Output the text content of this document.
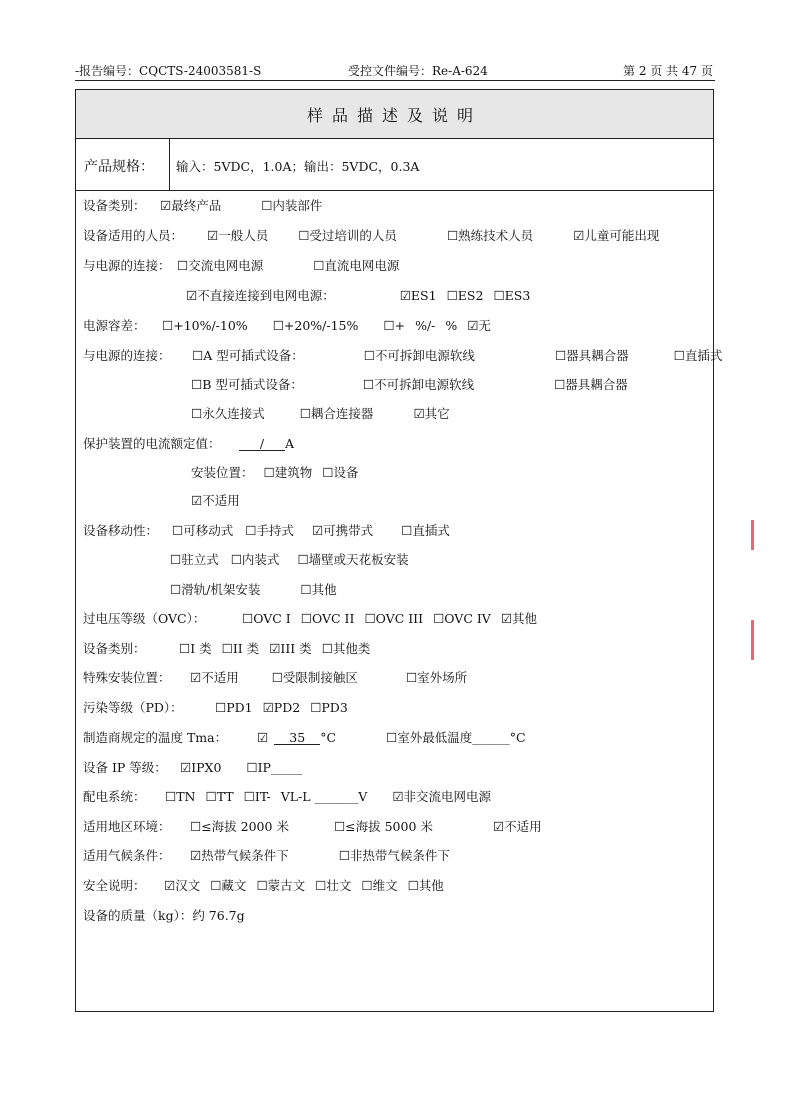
-报告编号：CQCTS-24003581-S	受控文件编号：Re-A-624	第 2 页 共 47 页
样品描述及说明
产品规格： 输入：5VDC，1.0A；输出：5VDC，0.3A
设备类别： ☑最终产品	☐内装部件
设备适用的人员： ☑一般人员 ☐受过培训的人员	☐熟练技术人员	☑儿童可能出现
与电源的连接： ☐交流电网电源	☐直流电网电源
☑不直接连接到电网电源：	☑ES1 ☐ES2 ☐ES3
电源容差： ☐+10%/-10% ☐+20%/-15% ☐+ %/- % ☑无
与电源的连接： ☐A 型可插式设备：	☐不可拆卸电源软线	☐器具耦合器	☐直插式
☐B 型可插式设备：	☐不可拆卸电源软线	☐器具耦合器
☐永久连接式	☐耦合连接器	☑其它
保护装置的电流额定值：	/ A
安装位置： ☐建筑物 ☐设备
☑不适用
设备移动性： ☐可移动式 ☐手持式 ☑可携带式 ☐直插式
☐驻立式 ☐内装式 ☐墙壁或天花板安装
☐滑轨/机架安装	☐其他
过电压等级（OVC）：	☐OVC I ☐OVC II ☐OVC III ☐OVC IV ☑其他
设备类别：	☐I 类 ☐II 类 ☑III 类 ☐其他类
特殊安装位置： ☑不适用	☐受限制接触区	☐室外场所
污染等级（PD）：	☐PD1 ☑PD2 ☐PD3
制造商规定的温度 Tma： ☑ 35 °C	☐室外最低温度______°C
设备 IP 等级： ☑IPX0 ☐IP_____
配电系统： ☐TN ☐TT ☐IT- VL-L _______V ☑非交流电网电源
适用地区环境： ☐≤海拔 2000 米	☐≤海拔 5000 米	☑不适用
适用气候条件： ☑热带气候条件下	☐非热带气候条件下
安全说明： ☑汉文 ☐藏文 ☐蒙古文 ☐壮文 ☐维文 ☐其他
设备的质量（kg）：约 76.7g
